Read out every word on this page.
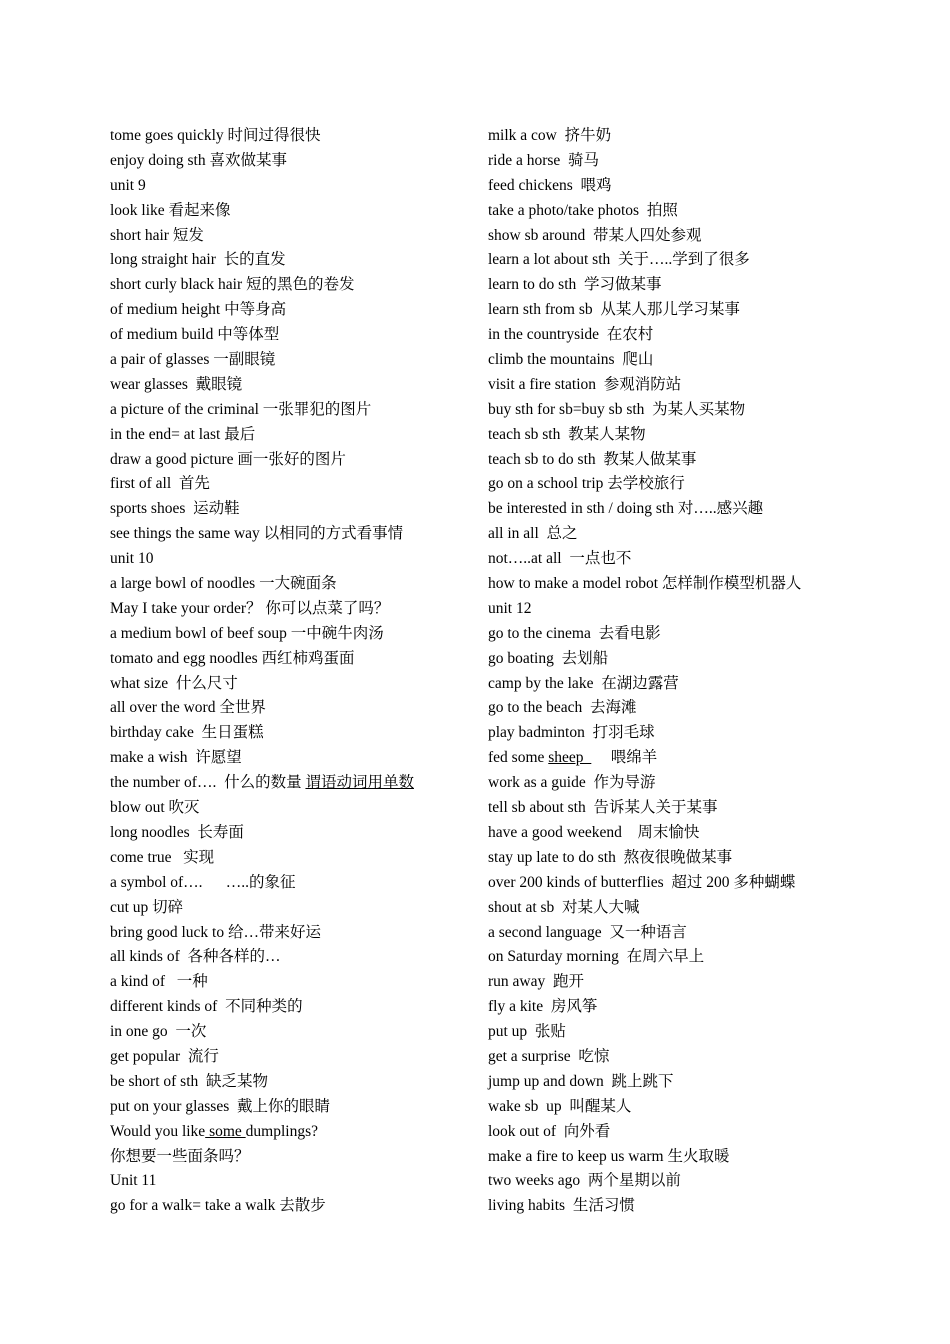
tome goes quickly 时间过得很快
enjoy doing sth 喜欢做某事
unit 9
look like 看起来像
short hair 短发
long straight hair  长的直发
short curly black hair 短的黑色的卷发
of medium height 中等身高
of medium build 中等体型
a pair of glasses 一副眼镜
wear glasses  戴眼镜
a picture of the criminal 一张罪犯的图片
in the end= at last 最后
draw a good picture 画一张好的图片
first of all  首先
sports shoes  运动鞋
see things the same way 以相同的方式看事情
unit 10
a large bowl of noodles 一大碗面条
May I take your order？ 你可以点菜了吗？
a medium bowl of beef soup 一中碗牛肉汤
tomato and egg noodles 西红柿鸡蛋面
what size  什么尺寸
all over the word 全世界
birthday cake  生日蛋糕
make a wish  许愿望
the number of….  什么的数量 谓语动词用单数
blow out 吹灭
long noodles  长寿面
come true   实现
a symbol of….      …..的象征
cut up 切碎
bring good luck to 给…带来好运
all kinds of  各种各样的…
a kind of   一种
different kinds of  不同种类的
in one go  一次
get popular  流行
be short of sth  缺乏某物
put on your glasses  戴上你的眼睛
Would you like some dumplings?
你想要一些面条吗？
Unit 11
go for a walk= take a walk 去散步
milk a cow  挤牛奶
ride a horse  骑马
feed chickens  喂鸡
take a photo/take photos  拍照
show sb around  带某人四处参观
learn a lot about sth  关于…..学到了很多
learn to do sth  学习做某事
learn sth from sb  从某人那儿学习某事
in the countryside  在农村
climb the mountains  爬山
visit a fire station  参观消防站
buy sth for sb=buy sb sth  为某人买某物
teach sb sth  教某人某物
teach sb to do sth  教某人做某事
go on a school trip 去学校旅行
be interested in sth / doing sth 对…..感兴趣
all in all  总之
not…..at all  一点也不
how to make a model robot 怎样制作模型机器人
unit 12
go to the cinema  去看电影
go boating  去划船
camp by the lake  在湖边露营
go to the beach  去海滩
play badminton  打羽毛球
fed some sheep       喂绵羊
work as a guide  作为导游
tell sb about sth  告诉某人关于某事
have a good weekend    周末愉快
stay up late to do sth  熬夜很晚做某事
over 200 kinds of butterflies  超过 200 多种蝴蝶
shout at sb  对某人大喊
a second language  又一种语言
on Saturday morning  在周六早上
run away  跑开
fly a kite  房风筝
put up  张贴
get a surprise  吃惊
jump up and down  跳上跳下
wake sb  up  叫醒某人
look out of  向外看
make a fire to keep us warm 生火取暖
two weeks ago  两个星期以前
living habits  生活习惯
